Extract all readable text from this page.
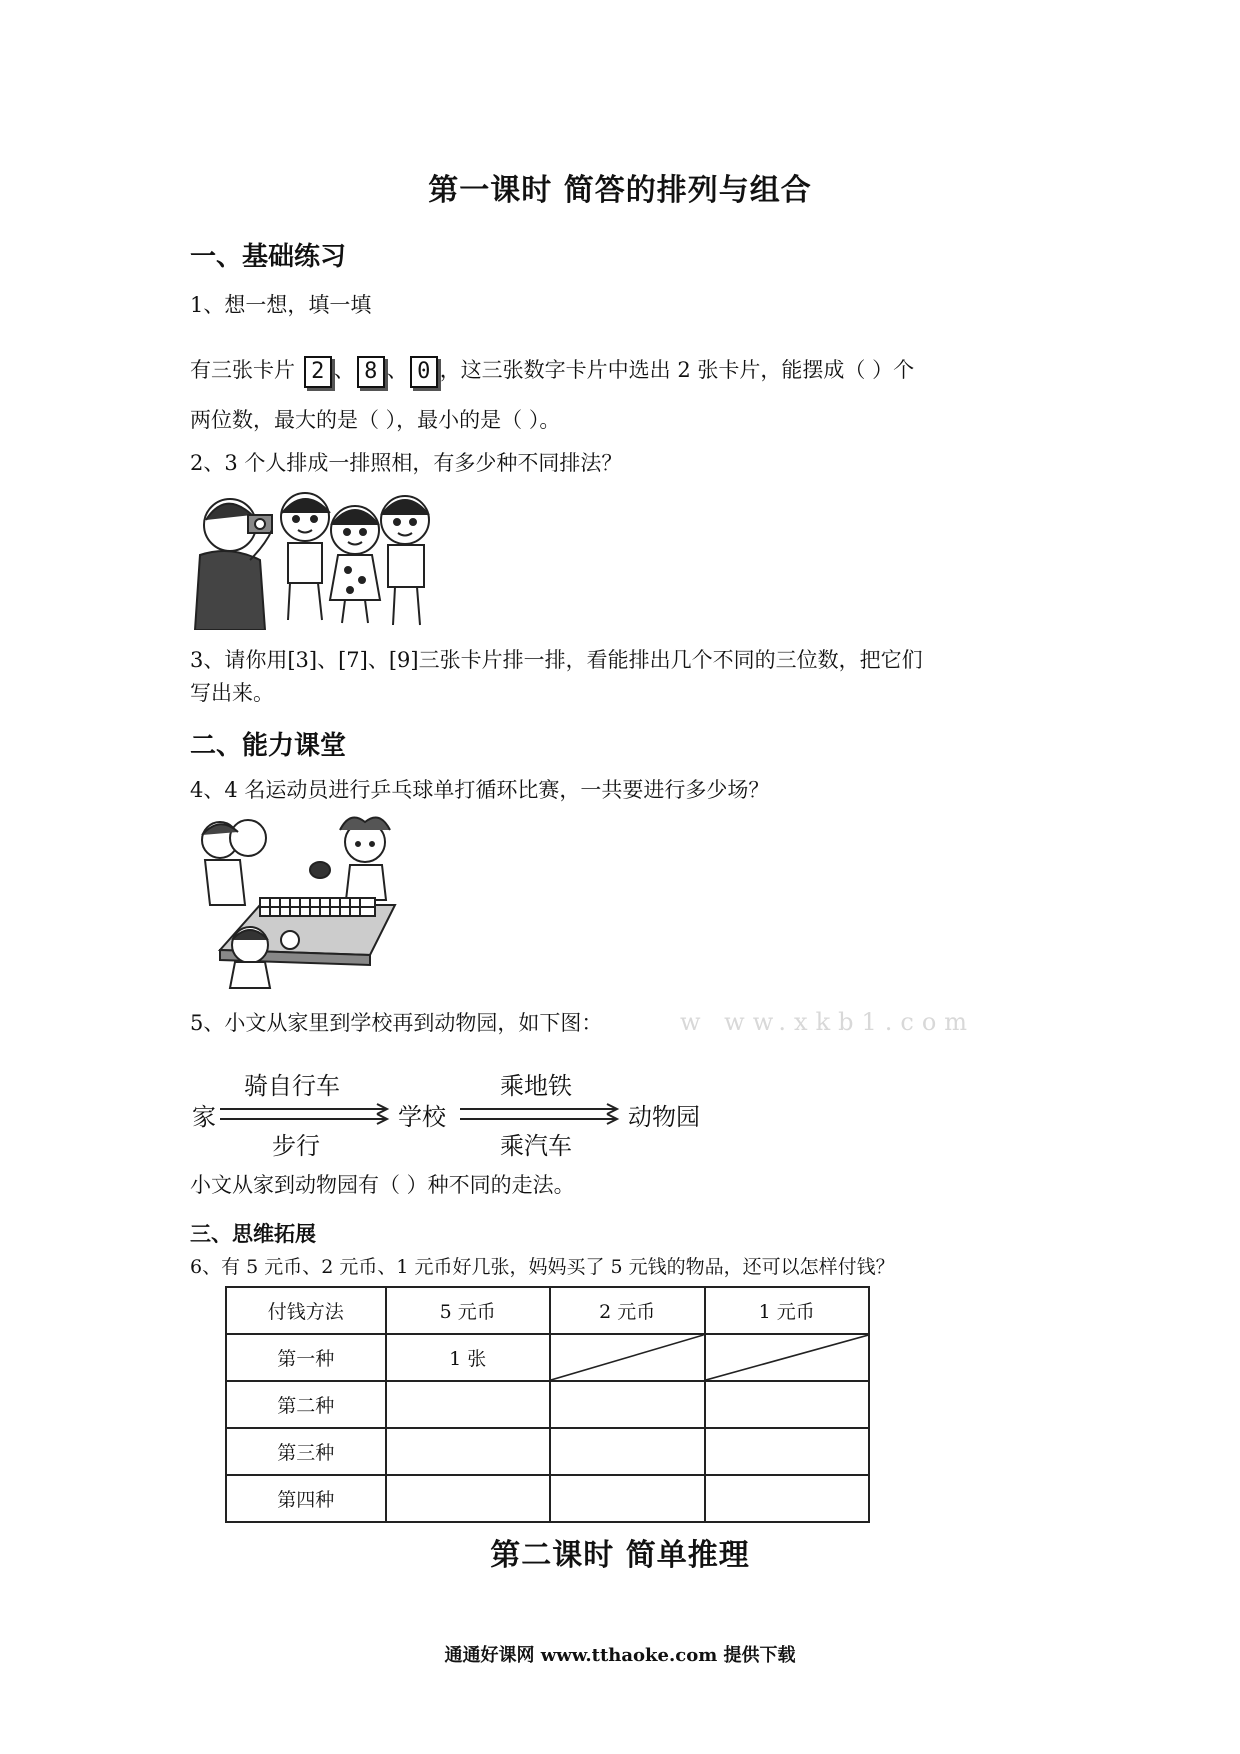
第一课时 简答的排列与组合
一、基础练习
1、想一想，填一填
有三张卡片 2 、 8 、 0 ，这三张数字卡片中选出 2 张卡片，能摆成（ ）个
两位数，最大的是（ ），最小的是（ ）。
2、3 个人排成一排照相，有多少种不同排法？
3、请你用[3]、[7]、[9]三张卡片排一排，看能排出几个不同的三位数，把它们
写出来。
二、能力课堂
4、4 名运动员进行乒乓球单打循环比赛，一共要进行多少场？
5、小文从家里到学校再到动物园，如下图：	w ww.xkb1.com
家
骑自行车
步行
学校
乘地铁
乘汽车
动物园
小文从家到动物园有（ ）种不同的走法。
三、思维拓展
6、有 5 元币、2 元币、1 元币好几张，妈妈买了 5 元钱的物品，还可以怎样付钱？
付钱方法	5 元币	2 元币	1 元币
第一种	1 张	

第二种			
第三种			
第四种			
第二课时 简单推理
通通好课网 www.tthaoke.com 提供下载
